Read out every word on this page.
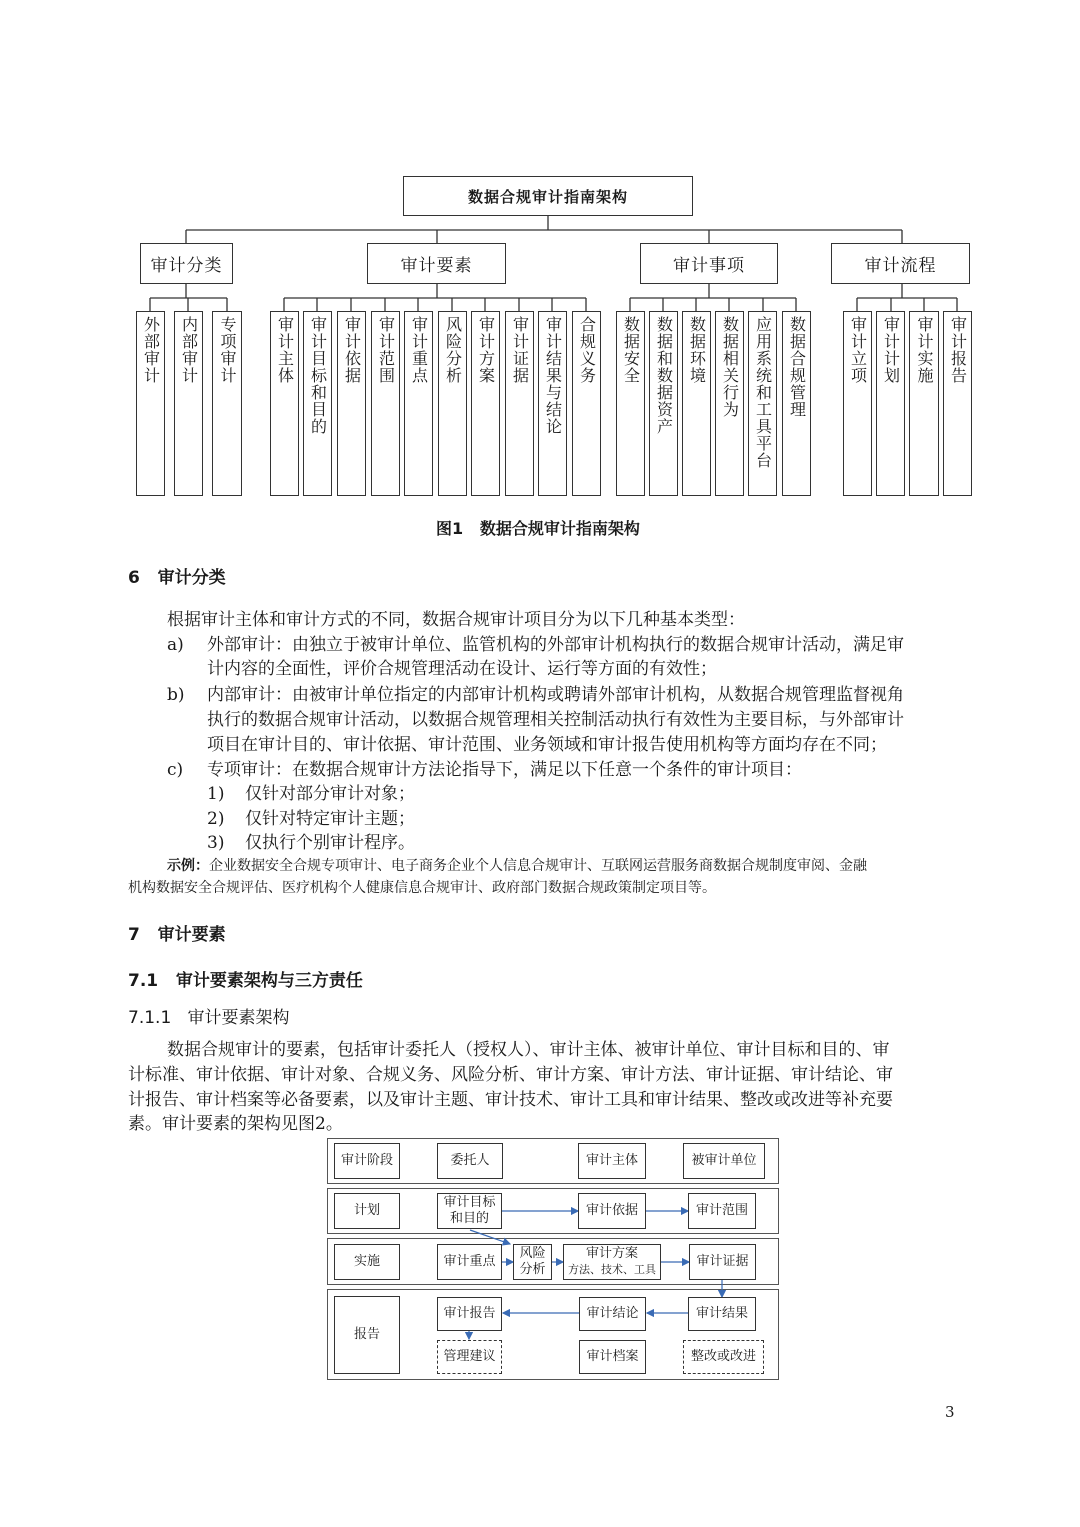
数据合规审计指南架构
审计分类	审计要素	审计事项	审计流程
外部审计 内部审计 专项审计 审计主体 审计目标和目的 审计依据 审计范围 审计重点 风险分析 审计方案 审计证据 审计结果与结论 合规义务 数据安全 数据和数据资产 数据环境 数据相关行为 应用系统和工具平台 数据合规管理	审计立项 审计计划 审计实施 审计报告
图1   数据合规审计指南架构
6   审计分类
根据审计主体和审计方式的不同，数据合规审计项目分为以下几种基本类型：
a) 外部审计：由独立于被审计单位、监管机构的外部审计机构执行的数据合规审计活动，满足审
计内容的全面性，评价合规管理活动在设计、运行等方面的有效性；
b) 内部审计：由被审计单位指定的内部审计机构或聘请外部审计机构，从数据合规管理监督视角
执行的数据合规审计活动，以数据合规管理相关控制活动执行有效性为主要目标，与外部审计
项目在审计目的、审计依据、审计范围、业务领域和审计报告使用机构等方面均存在不同；
c) 专项审计：在数据合规审计方法论指导下，满足以下任意一个条件的审计项目：
1) 仅针对部分审计对象；
2) 仅针对特定审计主题；
3) 仅执行个别审计程序。
示例：企业数据安全合规专项审计、电子商务企业个人信息合规审计、互联网运营服务商数据合规制度审阅、金融
机构数据安全合规评估、医疗机构个人健康信息合规审计、政府部门数据合规政策制定项目等。
7   审计要素
7.1   审计要素架构与三方责任
7.1.1   审计要素架构
数据合规审计的要素，包括审计委托人（授权人）、审计主体、被审计单位、审计目标和目的、审
计标准、审计依据、审计对象、合规义务、风险分析、审计方案、审计方法、审计证据、审计结论、审
计报告、审计档案等必备要素，以及审计主题、审计技术、审计工具和审计结果、整改或改进等补充要
素。审计要素的架构见图2。
审计阶段	委托人	审计主体	被审计单位
计划
审计目标
和目的
审计依据	审计范围
实施	审计重点
风险
分析
审计方案
方法、技术、工具
审计证据
报告
审计报告	审计结论	审计结果
管理建议	审计档案	整改或改进
3
